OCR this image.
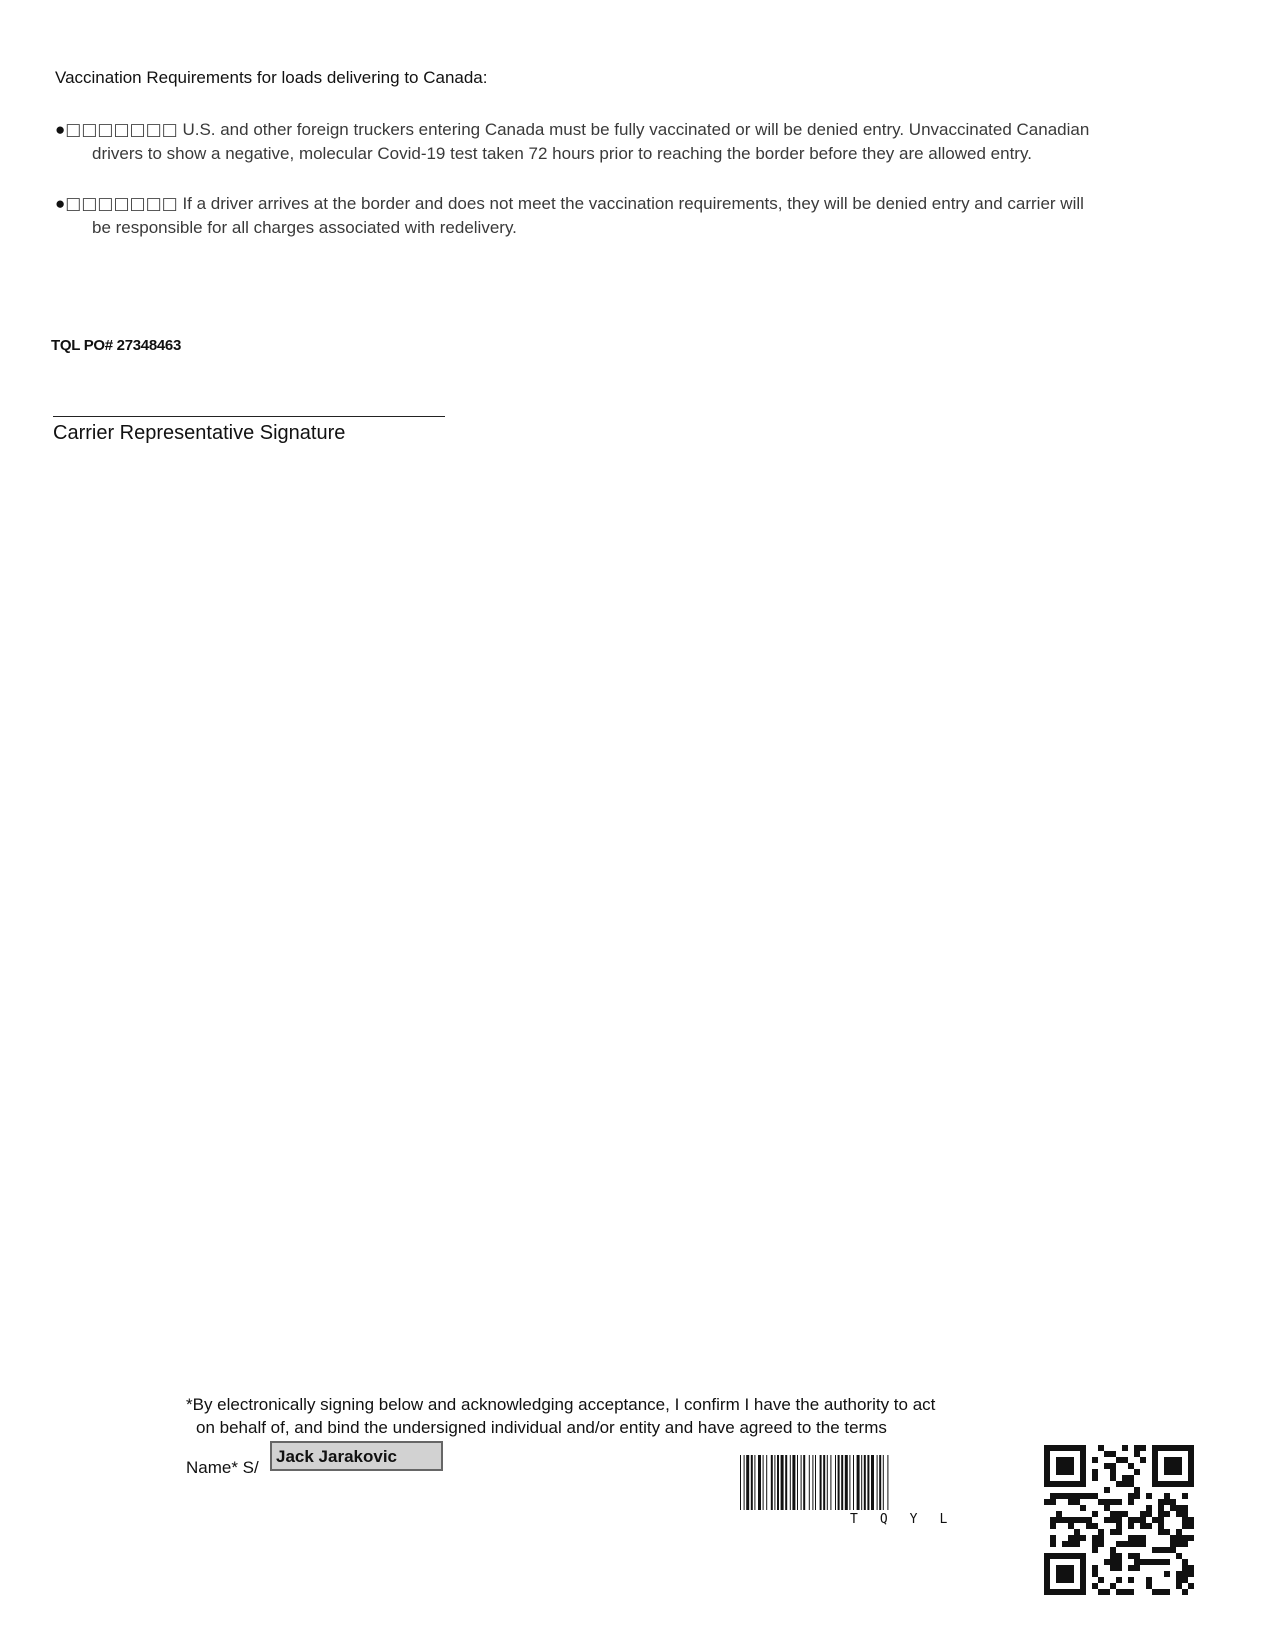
Vaccination Requirements for loads delivering to Canada:
●□□□□□□□ U.S. and other foreign truckers entering Canada must be fully vaccinated or will be denied entry. Unvaccinated Canadian
drivers to show a negative, molecular Covid-19 test taken 72 hours prior to reaching the border before they are allowed entry.
●□□□□□□□ If a driver arrives at the border and does not meet the vaccination requirements, they will be denied entry and carrier will
be responsible for all charges associated with redelivery.
TQL PO# 27348463
Carrier Representative Signature
*By electronically signing below and acknowledging acceptance, I confirm I have the authority to act
on behalf of, and bind the undersigned individual and/or entity and have agreed to the terms
Name* S/
Jack Jarakovic
TQYL
